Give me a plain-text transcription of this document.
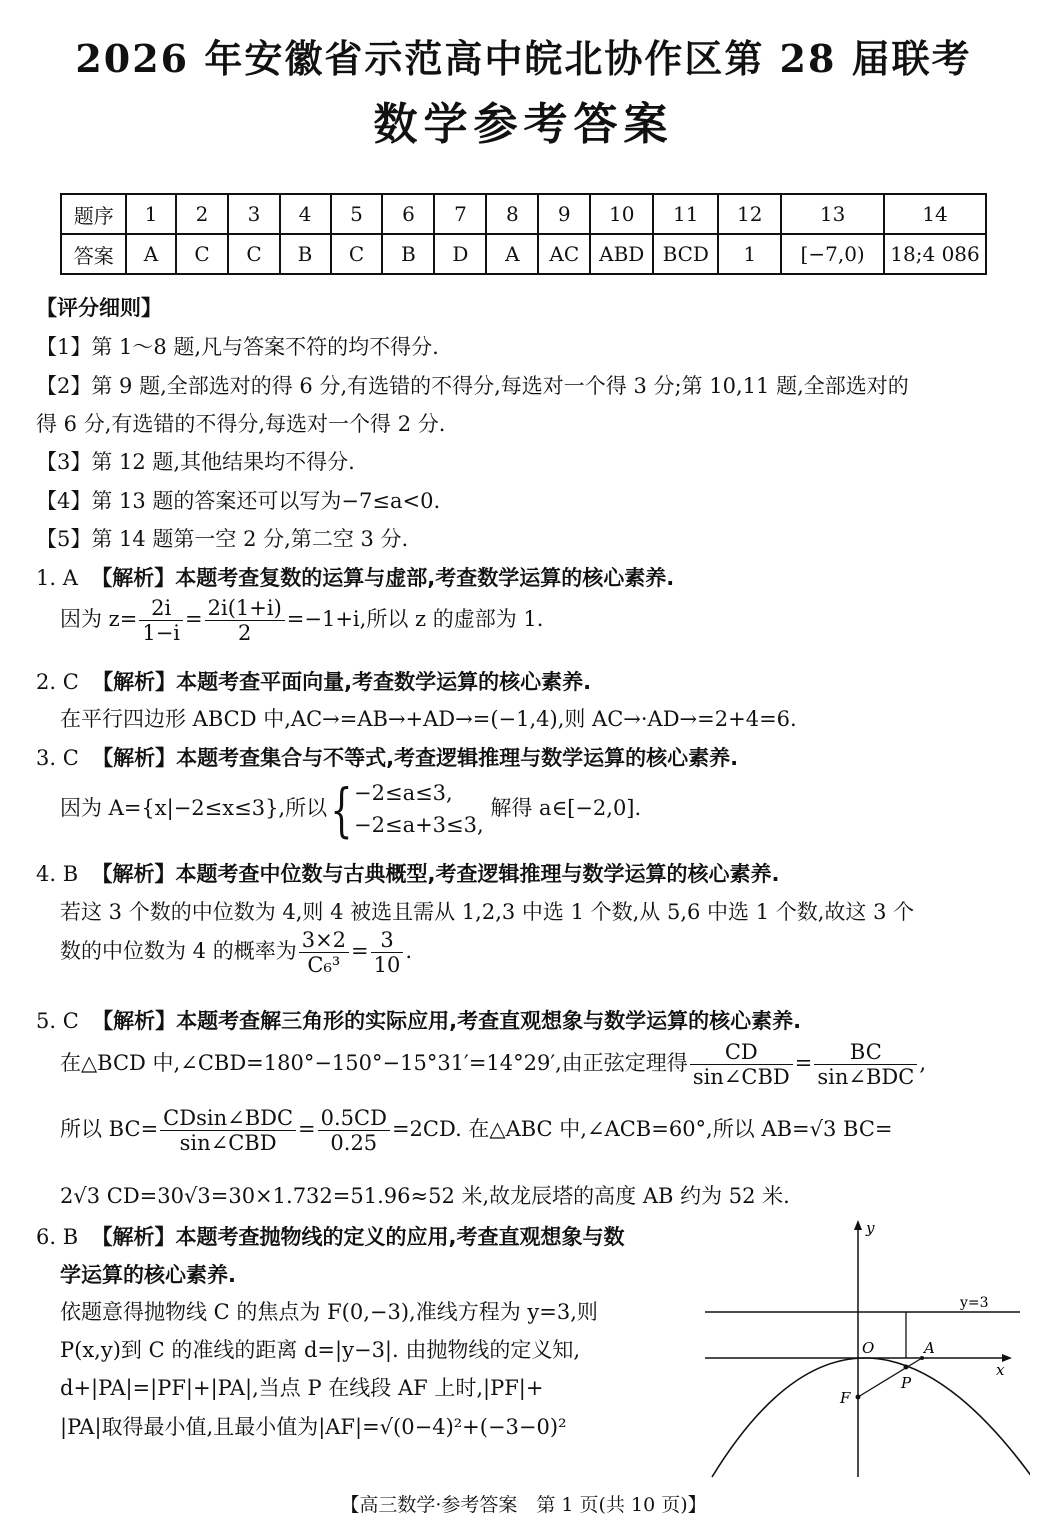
2026 年安徽省示范高中皖北协作区第 28 届联考
数学参考答案
题序	1	2	3	4	5	6	7	8	9	10	11	12	13	14
答案	A	C	C	B	C	B	D	A	AC	ABD	BCD	1	[−7,0)	18;4 086
【评分细则】
【1】第 1～8 题,凡与答案不符的均不得分.
【2】第 9 题,全部选对的得 6 分,有选错的不得分,每选对一个得 3 分;第 10,11 题,全部选对的
得 6 分,有选错的不得分,每选对一个得 2 分.
【3】第 12 题,其他结果均不得分.
【4】第 13 题的答案还可以写为−7≤a<0.
【5】第 14 题第一空 2 分,第二空 3 分.
1. A 【解析】本题考查复数的运算与虚部,考查数学运算的核心素养.
因为 $z= \frac{2i}{1-i} = \frac{2i(1+i)}{2} =-1+i$,所以 z 的虚部为 1.
2. C 【解析】本题考查平面向量,考查数学运算的核心素养.
在平行四边形 ABCD 中,AC→=AB→+AD→=(−1,4),则 AC→·AD→=2+4=6.
3. C 【解析】本题考查集合与不等式,考查逻辑推理与数学运算的核心素养.
因为 A={x|−2≤x≤3},所以{ −2≤a≤3,
−2≤a+3≤3,
解得 a∈[−2,0].
4. B 【解析】本题考查中位数与古典概型,考查逻辑推理与数学运算的核心素养.
若这 3 个数的中位数为 4,则 4 被选且需从 1,2,3 中选 1 个数,从 5,6 中选 1 个数,故这 3 个
数的中位数为 4 的概率为 $\frac{3\times 2}{\text{C₆³}} = \frac{3}{10}$ .
5. C 【解析】本题考查解三角形的实际应用,考查直观想象与数学运算的核心素养.
在△BCD 中,∠CBD=180°−150°−15°31′=14°29′,由正弦定理得 $\frac{CD}{\text{sin∠CBD}} = \frac{BC}{\text{sin∠BDC}}$ ,
所以 $BC= \frac{\text{CDsin∠BDC}}{\text{sin∠CBD}} = \frac{0.5CD}{0.25} =2CD$. 在△ABC 中,∠ACB=60°,所以 AB=√3 BC=
2√3 CD=30√3=30×1.732=51.96≈52 米,故龙辰塔的高度 AB 约为 52 米.
6. B 【解析】本题考查抛物线的定义的应用,考查直观想象与数
学运算的核心素养.
依题意得抛物线 C 的焦点为 F(0,−3),准线方程为 y=3,则
P(x,y)到 C 的准线的距离 d=|y−3|. 由抛物线的定义知,
d+|PA|=|PF|+|PA|,当点 P 在线段 AF 上时,|PF|+
|PA|取得最小值,且最小值为|AF|=√(0−4)²+(−3−0)²
y
x
y=3
O	A
P
F
【高三数学·参考答案　第 1 页(共 10 页)】
